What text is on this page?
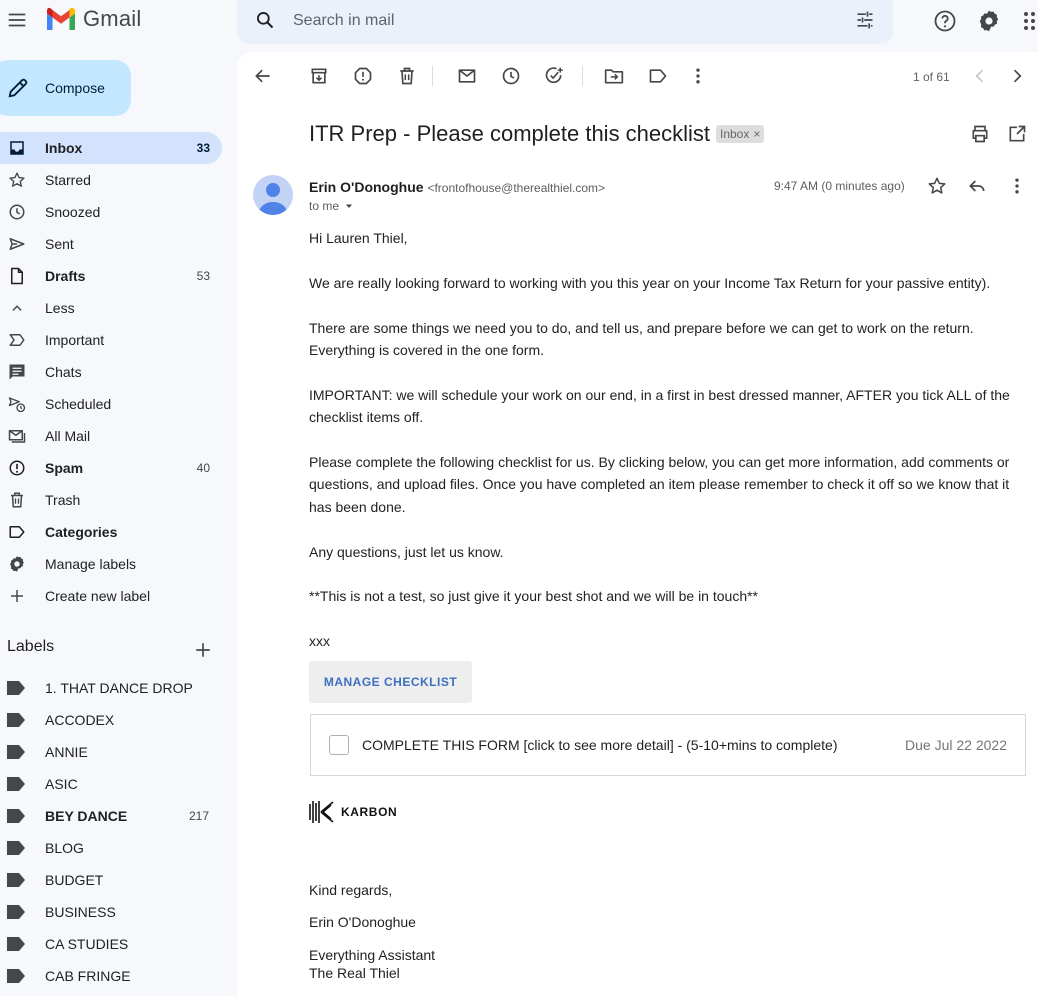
Gmail
Search in mail
Compose
Inbox	33
Starred
Snoozed
Sent
Drafts	53
Less
Important
Chats
Scheduled
All Mail
Spam	40
Trash
Categories
Manage labels
Create new label
Labels
1. THAT DANCE DROP
ACCODEX
ANNIE
ASIC
BEY DANCE	217
BLOG
BUDGET
BUSINESS
CA STUDIES
CAB FRINGE
1 of 61
ITR Prep - Please complete this checklist Inbox ×
Erin O'Donoghue <frontofhouse@therealthiel.com>
to me
9:47 AM (0 minutes ago)

Hi Lauren Thiel,

We are really looking forward to working with you this year on your Income Tax Return for your passive entity).

There are some things we need you to do, and tell us, and prepare before we can get to work on the return. Everything is covered in the one form.

IMPORTANT: we will schedule your work on our end, in a first in best dressed manner, AFTER you tick ALL of the checklist items off.

Please complete the following checklist for us. By clicking below, you can get more information, add comments or questions, and upload files. Once you have completed an item please remember to check it off so we know that it has been done.

Any questions, just let us know.

**This is not a test, so just give it your best shot and we will be in touch**

xxx

MANAGE CHECKLIST
COMPLETE THIS FORM [click to see more detail] - (5-10+mins to complete)	Due Jul 22 2022
KARBON
Kind regards,
Erin O'Donoghue
Everything Assistant
The Real Thiel
